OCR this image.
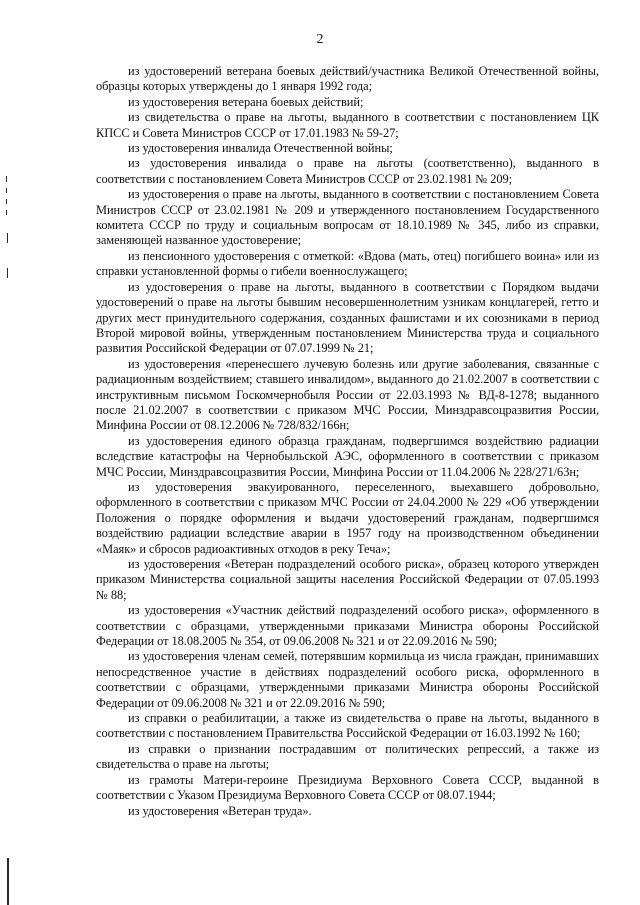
2

из удостоверений ветерана боевых действий/участника Великой Отечественной войны, образцы которых утверждены до 1 января 1992 года;

из удостоверения ветерана боевых действий;

из свидетельства о праве на льготы, выданного в соответствии с постановлением ЦК КПСС и Совета Министров СССР от 17.01.1983 № 59-27;

из удостоверения инвалида Отечественной войны;

из удостоверения инвалида о праве на льготы (соответственно), выданного в соответствии с постановлением Совета Министров СССР от 23.02.1981 № 209;

из удостоверения о праве на льготы, выданного в соответствии с постановлением Совета Министров СССР от 23.02.1981 № 209 и утвержденного постановлением Государственного комитета СССР по труду и социальным вопросам от 18.10.1989 № 345, либо из справки, заменяющей названное удостоверение;

из пенсионного удостоверения с отметкой: «Вдова (мать, отец) погибшего воина» или из справки установленной формы о гибели военнослужащего;

из удостоверения о праве на льготы, выданного в соответствии с Порядком выдачи удостоверений о праве на льготы бывшим несовершеннолетним узникам концлагерей, гетто и других мест принудительного содержания, созданных фашистами и их союзниками в период Второй мировой войны, утвержденным постановлением Министерства труда и социального развития Российской Федерации от 07.07.1999 № 21;

из удостоверения «перенесшего лучевую болезнь или другие заболевания, связанные с радиационным воздействием; ставшего инвалидом», выданного до 21.02.2007 в соответствии с инструктивным письмом Госкомчернобыля России от 22.03.1993 № ВД-8-1278; выданного после 21.02.2007 в соответствии с приказом МЧС России, Минздравсоцразвития России, Минфина России от 08.12.2006 № 728/832/166н;

из удостоверения единого образца гражданам, подвергшимся воздействию радиации вследствие катастрофы на Чернобыльской АЭС, оформленного в соответствии с приказом МЧС России, Минздравсоцразвития России, Минфина России от 11.04.2006 № 228/271/63н;

из удостоверения эвакуированного, переселенного, выехавшего добровольно, оформленного в соответствии с приказом МЧС России от 24.04.2000 № 229 «Об утверждении Положения о порядке оформления и выдачи удостоверений гражданам, подвергшимся воздействию радиации вследствие аварии в 1957 году на производственном объединении «Маяк» и сбросов радиоактивных отходов в реку Теча»;

из удостоверения «Ветеран подразделений особого риска», образец которого утвержден приказом Министерства социальной защиты населения Российской Федерации от 07.05.1993 № 88;

из удостоверения «Участник действий подразделений особого риска», оформленного в соответствии с образцами, утвержденными приказами Министра обороны Российской Федерации от 18.08.2005 № 354, от 09.06.2008 № 321 и от 22.09.2016 № 590;

из удостоверения членам семей, потерявшим кормильца из числа граждан, принимавших непосредственное участие в действиях подразделений особого риска, оформленного в соответствии с образцами, утвержденными приказами Министра обороны Российской Федерации от 09.06.2008 № 321 и от 22.09.2016 № 590;

из справки о реабилитации, а также из свидетельства о праве на льготы, выданного в соответствии с постановлением Правительства Российской Федерации от 16.03.1992 № 160;

из справки о признании пострадавшим от политических репрессий, а также из свидетельства о праве на льготы;

из грамоты Матери-героине Президиума Верховного Совета СССР, выданной в соответствии с Указом Президиума Верховного Совета СССР от 08.07.1944;

из удостоверения «Ветеран труда».
